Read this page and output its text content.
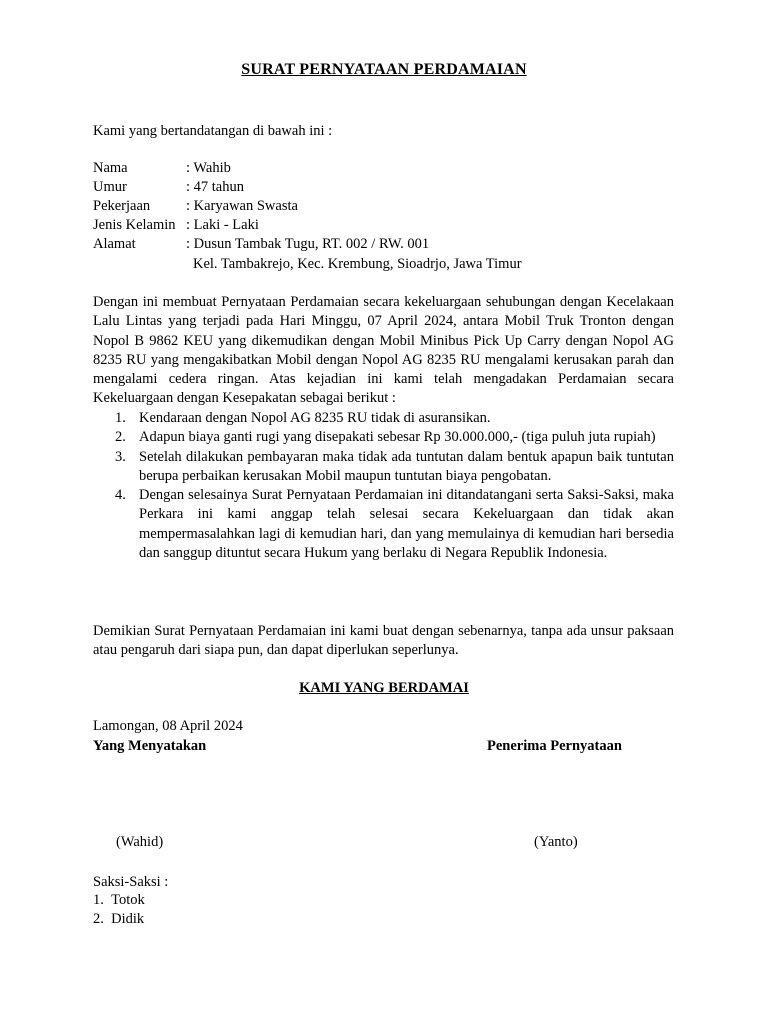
SURAT PERNYATAAN PERDAMAIAN
Kami yang bertandatangan di bawah ini :
Nama	: Wahib
Umur	: 47 tahun
Pekerjaan : Karyawan Swasta
Jenis Kelamin : Laki - Laki
Alamat	: Dusun Tambak Tugu, RT. 002 / RW. 001
Kel. Tambakrejo, Kec. Krembung, Sioadrjo, Jawa Timur
Dengan ini membuat Pernyataan Perdamaian secara kekeluargaan sehubungan dengan Kecelakaan Lalu Lintas yang terjadi pada Hari Minggu, 07 April 2024, antara Mobil Truk Tronton dengan Nopol B 9862 KEU yang dikemudikan dengan Mobil Minibus Pick Up Carry dengan Nopol AG 8235 RU yang mengakibatkan Mobil dengan Nopol AG 8235 RU mengalami kerusakan parah dan mengalami cedera ringan. Atas kejadian ini kami telah mengadakan Perdamaian secara Kekeluargaan dengan Kesepakatan sebagai berikut :
1. Kendaraan dengan Nopol AG 8235 RU tidak di asuransikan.
2. Adapun biaya ganti rugi yang disepakati sebesar Rp 30.000.000,- (tiga puluh juta rupiah)
3. Setelah dilakukan pembayaran maka tidak ada tuntutan dalam bentuk apapun baik tuntutan berupa perbaikan kerusakan Mobil maupun tuntutan biaya pengobatan.
4. Dengan selesainya Surat Pernyataan Perdamaian ini ditandatangani serta Saksi-Saksi, maka Perkara ini kami anggap telah selesai secara Kekeluargaan dan tidak akan mempermasalahkan lagi di kemudian hari, dan yang memulainya di kemudian hari bersedia dan sanggup dituntut secara Hukum yang berlaku di Negara Republik Indonesia.
Demikian Surat Pernyataan Perdamaian ini kami buat dengan sebenarnya, tanpa ada unsur paksaan atau pengaruh dari siapa pun, dan dapat diperlukan seperlunya.
KAMI YANG BERDAMAI
Lamongan, 08 April 2024
Yang Menyatakan	Penerima Pernyataan
(Wahid)	(Yanto)
Saksi-Saksi :
1. Totok
2. Didik
